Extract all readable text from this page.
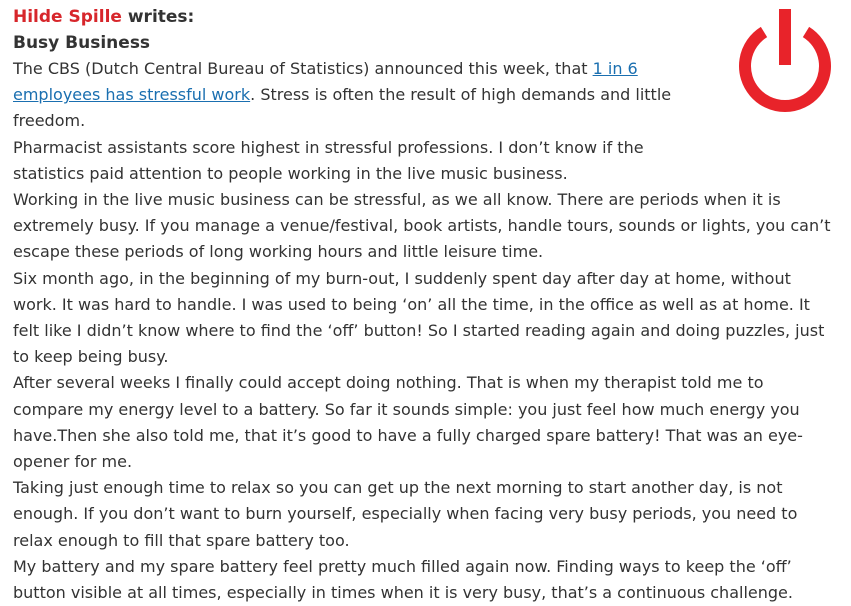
Hilde Spille writes:
Busy Business

The CBS (Dutch Central Bureau of Statistics) announced this week, that 1 in 6 employees has stressful work. Stress is often the result of high demands and little freedom.

Pharmacist assistants score highest in stressful professions. I don’t know if the statistics paid attention to people working in the live music business.

Working in the live music business can be stressful, as we all know. There are periods when it is extremely busy. If you manage a venue/festival, book artists, handle tours, sounds or lights, you can’t escape these periods of long working hours and little leisure time.

Six month ago, in the beginning of my burn-out, I suddenly spent day after day at home, without work. It was hard to handle. I was used to being ‘on’ all the time, in the office as well as at home. It felt like I didn’t know where to find the ‘off’ button! So I started reading again and doing puzzles, just to keep being busy.

After several weeks I finally could accept doing nothing. That is when my therapist told me to compare my energy level to a battery. So far it sounds simple: you just feel how much energy you have.Then she also told me, that it’s good to have a fully charged spare battery! That was an eye-opener for me.

Taking just enough time to relax so you can get up the next morning to start another day, is not enough. If you don’t want to burn yourself, especially when facing very busy periods, you need to relax enough to fill that spare battery too.

My battery and my spare battery feel pretty much filled again now. Finding ways to keep the ‘off’ button visible at all times, especially in times when it is very busy, that’s a continuous challenge.
